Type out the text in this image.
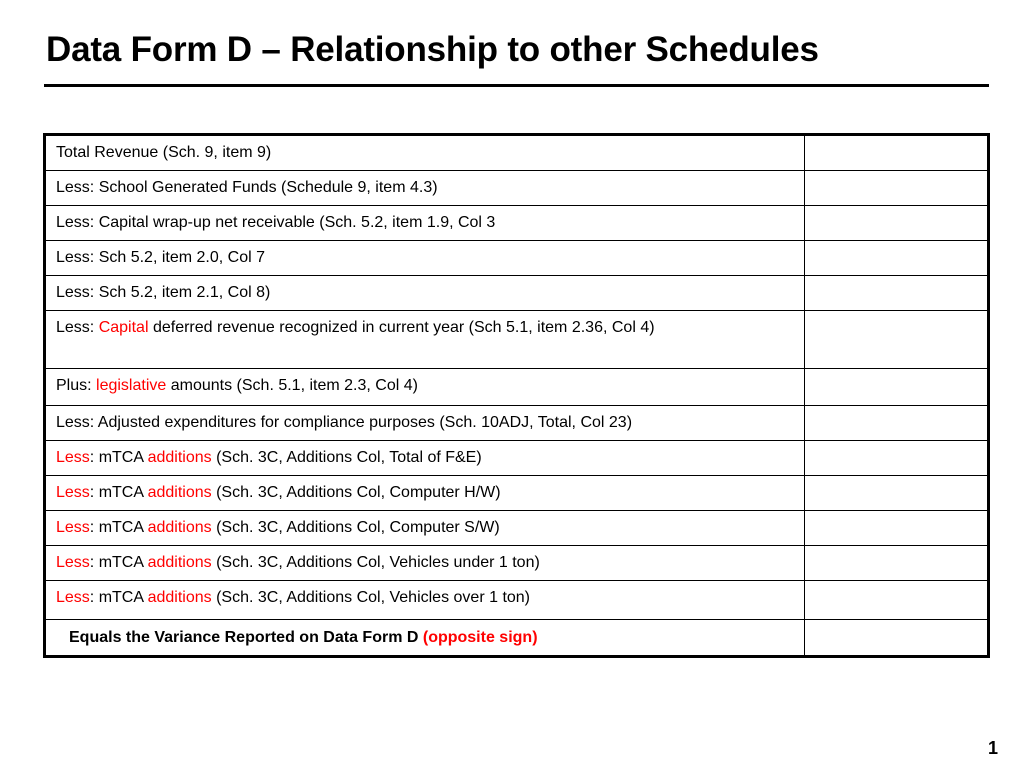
Data Form D – Relationship to other Schedules
Total Revenue (Sch. 9, item 9)	
Less: School Generated Funds (Schedule 9, item 4.3)	
Less: Capital wrap-up net receivable (Sch. 5.2, item 1.9, Col 3	
Less: Sch 5.2, item 2.0, Col 7	
Less: Sch 5.2, item 2.1, Col 8)	
Less: Capital deferred revenue recognized in current year (Sch 5.1, item 2.36, Col 4)	
Plus: legislative amounts (Sch. 5.1, item 2.3, Col 4)	
Less: Adjusted expenditures for compliance purposes (Sch. 10ADJ, Total, Col 23)	
Less: mTCA additions (Sch. 3C, Additions Col, Total of F&E)	
Less: mTCA additions (Sch. 3C, Additions Col, Computer H/W)	
Less: mTCA additions (Sch. 3C, Additions Col, Computer S/W)	
Less: mTCA additions (Sch. 3C, Additions Col, Vehicles under 1 ton)	
Less: mTCA additions (Sch. 3C, Additions Col, Vehicles over 1 ton)	
Equals the Variance Reported on Data Form D (opposite sign)	
1
